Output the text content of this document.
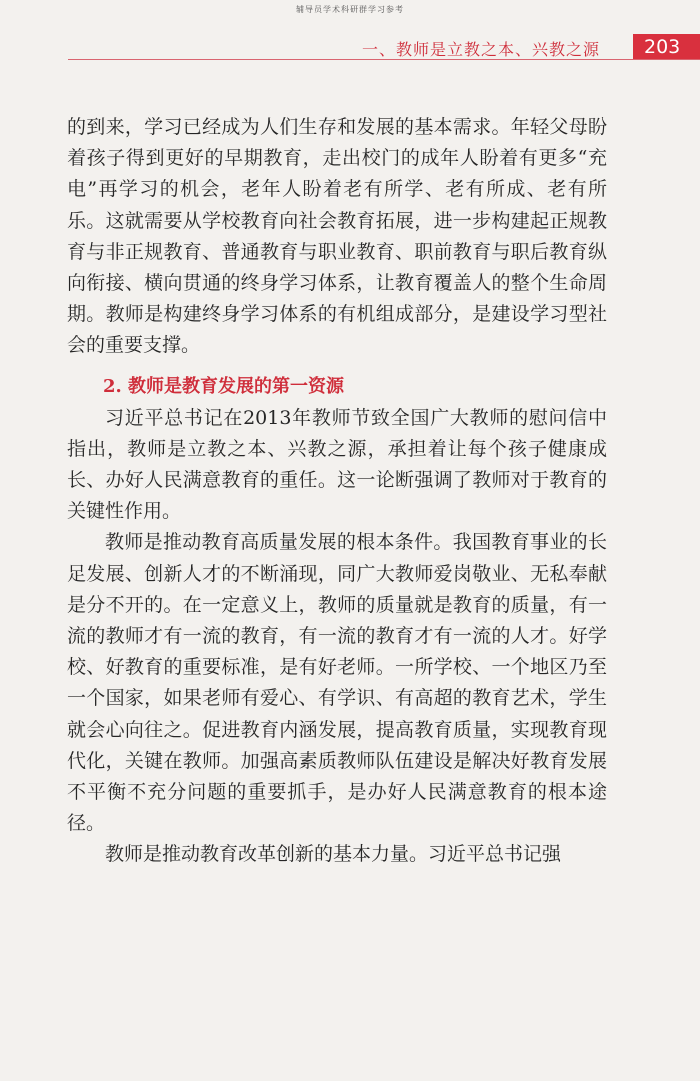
辅导员学术科研群学习参考
一、教师是立教之本、兴教之源	203

的到来，学习已经成为人们生存和发展的基本需求。年轻父母盼着孩子得到更好的早期教育，走出校门的成年人盼着有更多“充电”再学习的机会，老年人盼着老有所学、老有所成、老有所乐。这就需要从学校教育向社会教育拓展，进一步构建起正规教育与非正规教育、普通教育与职业教育、职前教育与职后教育纵向衔接、横向贯通的终身学习体系，让教育覆盖人的整个生命周期。教师是构建终身学习体系的有机组成部分，是建设学习型社会的重要支撑。

2. 教师是教育发展的第一资源

习近平总书记在2013年教师节致全国广大教师的慰问信中指出，教师是立教之本、兴教之源，承担着让每个孩子健康成长、办好人民满意教育的重任。这一论断强调了教师对于教育的关键性作用。

教师是推动教育高质量发展的根本条件。我国教育事业的长足发展、创新人才的不断涌现，同广大教师爱岗敬业、无私奉献是分不开的。在一定意义上，教师的质量就是教育的质量，有一流的教师才有一流的教育，有一流的教育才有一流的人才。好学校、好教育的重要标准，是有好老师。一所学校、一个地区乃至一个国家，如果老师有爱心、有学识、有高超的教育艺术，学生就会心向往之。促进教育内涵发展，提高教育质量，实现教育现代化，关键在教师。加强高素质教师队伍建设是解决好教育发展不平衡不充分问题的重要抓手，是办好人民满意教育的根本途径。

教师是推动教育改革创新的基本力量。习近平总书记强
